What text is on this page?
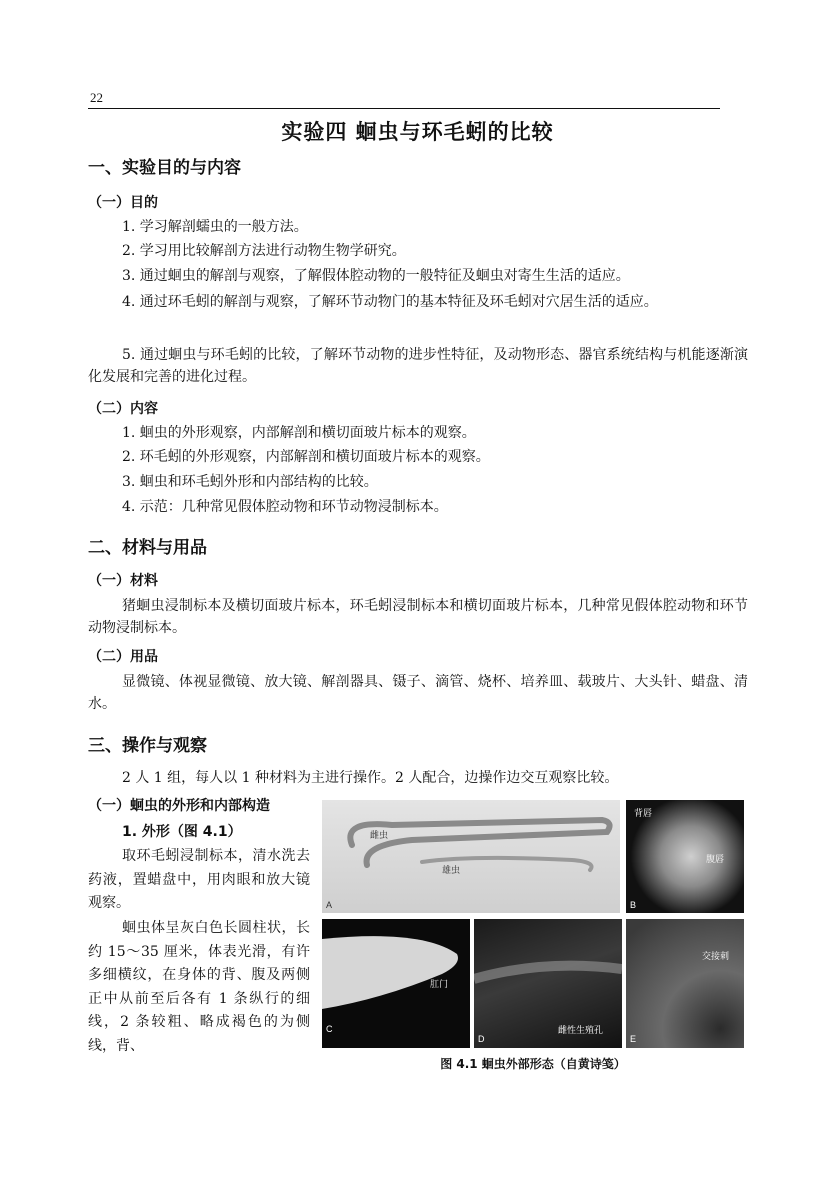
22
实验四 蛔虫与环毛蚓的比较
一、实验目的与内容
（一）目的
1. 学习解剖蠕虫的一般方法。
2. 学习用比较解剖方法进行动物生物学研究。
3. 通过蛔虫的解剖与观察，了解假体腔动物的一般特征及蛔虫对寄生生活的适应。
4. 通过环毛蚓的解剖与观察，了解环节动物门的基本特征及环毛蚓对穴居生活的适应。
5. 通过蛔虫与环毛蚓的比较，了解环节动物的进步性特征，及动物形态、器官系统结构与机能逐渐演化发展和完善的进化过程。
（二）内容
1. 蛔虫的外形观察，内部解剖和横切面玻片标本的观察。
2. 环毛蚓的外形观察，内部解剖和横切面玻片标本的观察。
3. 蛔虫和环毛蚓外形和内部结构的比较。
4. 示范：几种常见假体腔动物和环节动物浸制标本。
二、材料与用品
（一）材料
猪蛔虫浸制标本及横切面玻片标本，环毛蚓浸制标本和横切面玻片标本，几种常见假体腔动物和环节动物浸制标本。
（二）用品
显微镜、体视显微镜、放大镜、解剖器具、镊子、滴管、烧杯、培养皿、载玻片、大头针、蜡盘、清水。
三、操作与观察
2 人 1 组，每人以 1 种材料为主进行操作。2 人配合，边操作边交互观察比较。
（一）蛔虫的外形和内部构造
1. 外形（图 4.1）
取环毛蚓浸制标本，清水洗去药液，置蜡盘中，用肉眼和放大镜观察。
蛔虫体呈灰白色长圆柱状，长约 15～35 厘米，体表光滑，有许多细横纹，在身体的背、腹及两侧正中从前至后各有 1 条纵行的细线，2 条较粗、略成褐色的为侧线，背、
雌虫
雄虫
A
背唇
腹唇
B
肛门
C	雌性生殖孔
D
交接刺
E
图 4.1 蛔虫外部形态（自黄诗笺）
